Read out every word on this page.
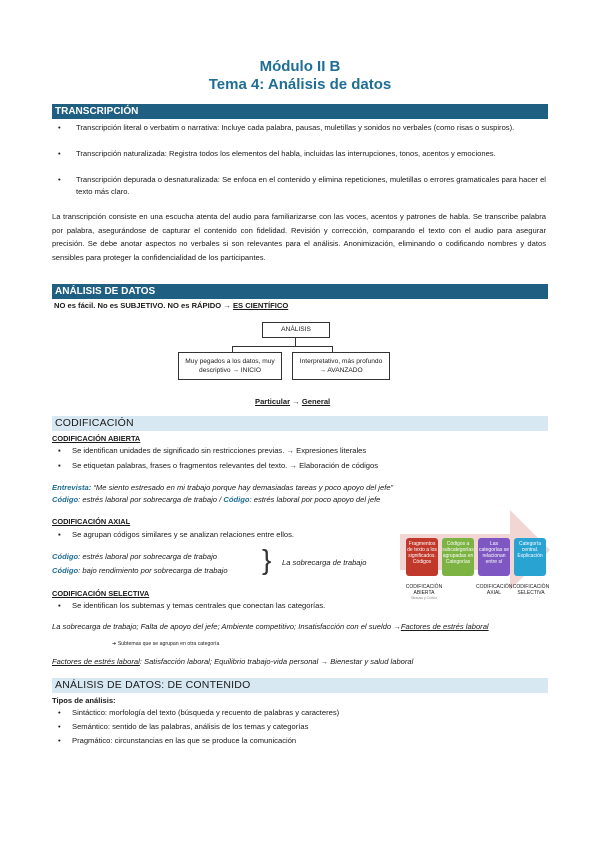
Módulo II B
Tema 4: Análisis de datos
TRANSCRIPCIÓN
• Transcripción literal o verbatim o narrativa: Incluye cada palabra, pausas, muletillas y sonidos no verbales (como risas o suspiros).
• Transcripción naturalizada: Registra todos los elementos del habla, incluidas las interrupciones, tonos, acentos y emociones.
• Transcripción depurada o desnaturalizada: Se enfoca en el contenido y elimina repeticiones, muletillas o errores gramaticales para hacer el texto más claro.
La transcripción consiste en una escucha atenta del audio para familiarizarse con las voces, acentos y patrones de habla. Se transcribe palabra por palabra, asegurándose de capturar el contenido con fidelidad. Revisión y corrección, comparando el texto con el audio para asegurar precisión. Se debe anotar aspectos no verbales si son relevantes para el análisis. Anonimización, eliminando o codificando nombres y datos sensibles para proteger la confidencialidad de los participantes.
ANÁLISIS DE DATOS
NO es fácil. No es SUBJETIVO. NO es RÁPIDO → ES CIENTÍFICO
ANÁLISIS
Muy pegados a los datos, muy descriptivo → INICIO
Interpretativo, más profundo → AVANZADO
Particular → General
CODIFICACIÓN
CODIFICACIÓN ABIERTA
▪ Se identifican unidades de significado sin restricciones previas. → Expresiones literales
▪ Se etiquetan palabras, frases o fragmentos relevantes del texto. → Elaboración de códigos
Entrevista: “Me siento estresado en mi trabajo porque hay demasiadas tareas y poco apoyo del jefe”
Código: estrés laboral por sobrecarga de trabajo / Código: estrés laboral por poco apoyo del jefe
CODIFICACIÓN AXIAL
▪ Se agrupan códigos similares y se analizan relaciones entre ellos.
Código: estrés laboral por sobrecarga de trabajo
Código: bajo rendimiento por sobrecarga de trabajo } La sobrecarga de trabajo
Fragmentos de texto a los significados. Códigos
Códigos a subcategorías agrupadas en Categorías
Las categorías se relacionan entre sí
Categoría central. Explicación
CODIFICACIÓN ABIERTA
Strauss y Corbin
CODIFICACIÓN AXIAL
CODIFICACIÓN SELECTIVA
CODIFICACIÓN SELECTIVA
▪ Se identifican los subtemas y temas centrales que conectan las categorías.
La sobrecarga de trabajo; Falta de apoyo del jefe; Ambiente competitivo; Insatisfacción con el sueldo →Factores de estrés laboral
➜ Subtemas que se agrupan en otra categoría
Factores de estrés laboral: Satisfacción laboral; Equilibrio trabajo-vida personal → Bienestar y salud laboral
ANÁLISIS DE DATOS: DE CONTENIDO
Tipos de análisis:
• Sintáctico: morfología del texto (búsqueda y recuento de palabras y caracteres)
• Semántico: sentido de las palabras, análisis de los temas y categorías
• Pragmático: circunstancias en las que se produce la comunicación
